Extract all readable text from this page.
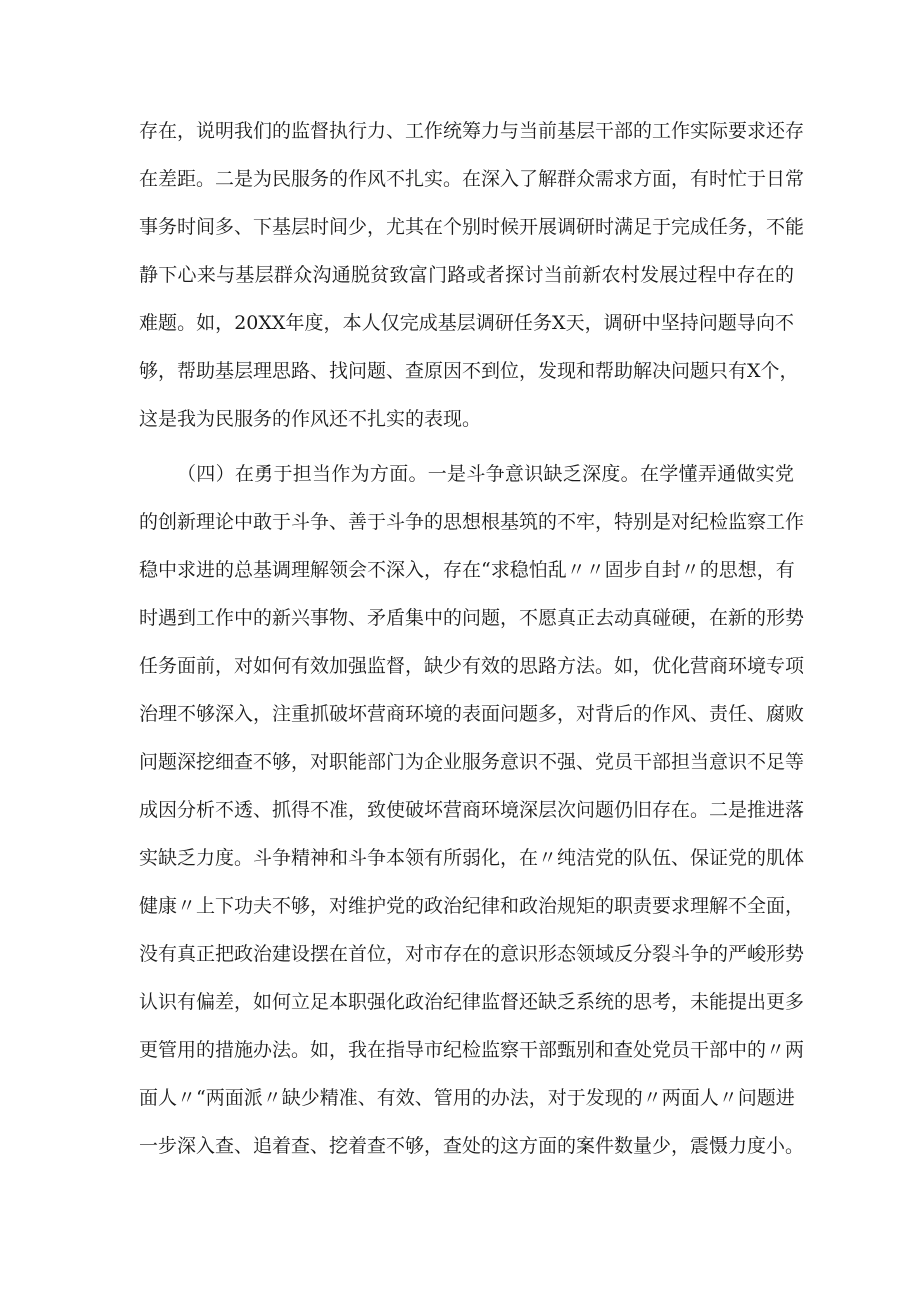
存在，说明我们的监督执行力、工作统筹力与当前基层干部的工作实际要求还存
在差距。二是为民服务的作风不扎实。在深入了解群众需求方面，有时忙于日常
事务时间多、下基层时间少，尤其在个别时候开展调研时满足于完成任务，不能
静下心来与基层群众沟通脱贫致富门路或者探讨当前新农村发展过程中存在的
难题。如，20XX年度，本人仅完成基层调研任务X天，调研中坚持问题导向不
够，帮助基层理思路、找问题、查原因不到位，发现和帮助解决问题只有X个，
这是我为民服务的作风还不扎实的表现。
（四）在勇于担当作为方面。一是斗争意识缺乏深度。在学懂弄通做实党
的创新理论中敢于斗争、善于斗争的思想根基筑的不牢，特别是对纪检监察工作
稳中求进的总基调理解领会不深入，存在“求稳怕乱〃〃固步自封〃的思想，有
时遇到工作中的新兴事物、矛盾集中的问题，不愿真正去动真碰硬，在新的形势
任务面前，对如何有效加强监督，缺少有效的思路方法。如，优化营商环境专项
治理不够深入，注重抓破坏营商环境的表面问题多，对背后的作风、责任、腐败
问题深挖细查不够，对职能部门为企业服务意识不强、党员干部担当意识不足等
成因分析不透、抓得不准，致使破坏营商环境深层次问题仍旧存在。二是推进落
实缺乏力度。斗争精神和斗争本领有所弱化，在〃纯洁党的队伍、保证党的肌体
健康〃上下功夫不够，对维护党的政治纪律和政治规矩的职责要求理解不全面，
没有真正把政治建设摆在首位，对市存在的意识形态领域反分裂斗争的严峻形势
认识有偏差，如何立足本职强化政治纪律监督还缺乏系统的思考，未能提出更多
更管用的措施办法。如，我在指导市纪检监察干部甄别和查处党员干部中的〃两
面人〃“两面派〃缺少精准、有效、管用的办法，对于发现的〃两面人〃问题进
一步深入查、追着查、挖着查不够，查处的这方面的案件数量少，震慑力度小。
